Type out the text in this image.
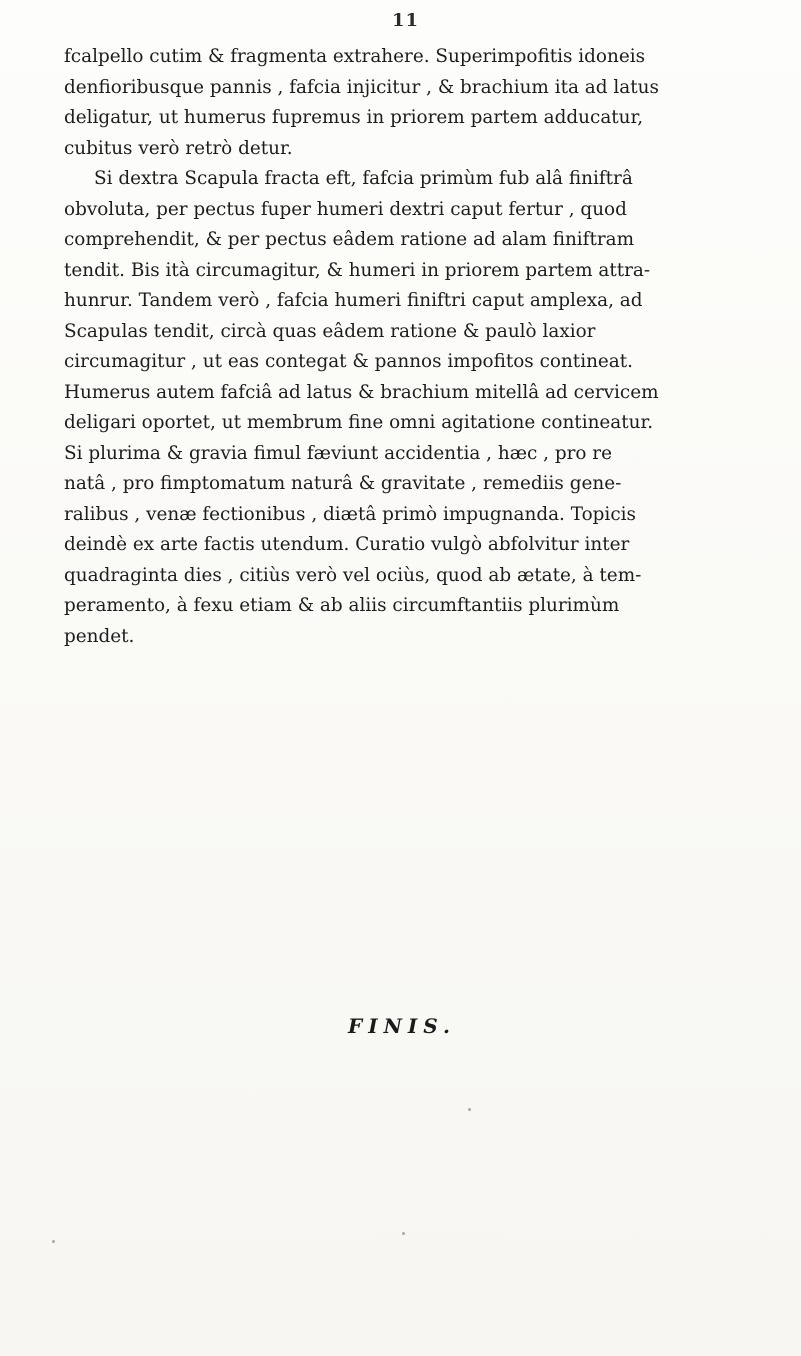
11

fcalpello cutim & fragmenta extrahere. Superimpofitis idoneis
denfioribusque pannis , fafcia injicitur , & brachium ita ad latus
deligatur, ut humerus fupremus in priorem partem adducatur,
cubitus verò retrò detur.

Si dextra Scapula fracta eft, fafcia primùm fub alâ finiftrâ
obvoluta, per pectus fuper humeri dextri caput fertur , quod
comprehendit, & per pectus eâdem ratione ad alam finiftram
tendit. Bis ità circumagitur, & humeri in priorem partem attra-
hunrur. Tandem verò , fafcia humeri finiftri caput amplexa, ad
Scapulas tendit, circà quas eâdem ratione & paulò laxior
circumagitur , ut eas contegat & pannos impofitos contineat.
Humerus autem fafciâ ad latus & brachium mitellâ ad cervicem
deligari oportet, ut membrum fine omni agitatione contineatur.

Si plurima & gravia fimul fæviunt accidentia , hæc , pro re
natâ , pro fimptomatum naturâ & gravitate , remediis gene-
ralibus , venæ fectionibus , diætâ primò impugnanda. Topicis
deindè ex arte factis utendum. Curatio vulgò abfolvitur inter
quadraginta dies , citiùs verò vel ociùs, quod ab ætate, à tem-
peramento, à fexu etiam & ab aliis circumftantiis plurimùm
pendet.

FINIS.
